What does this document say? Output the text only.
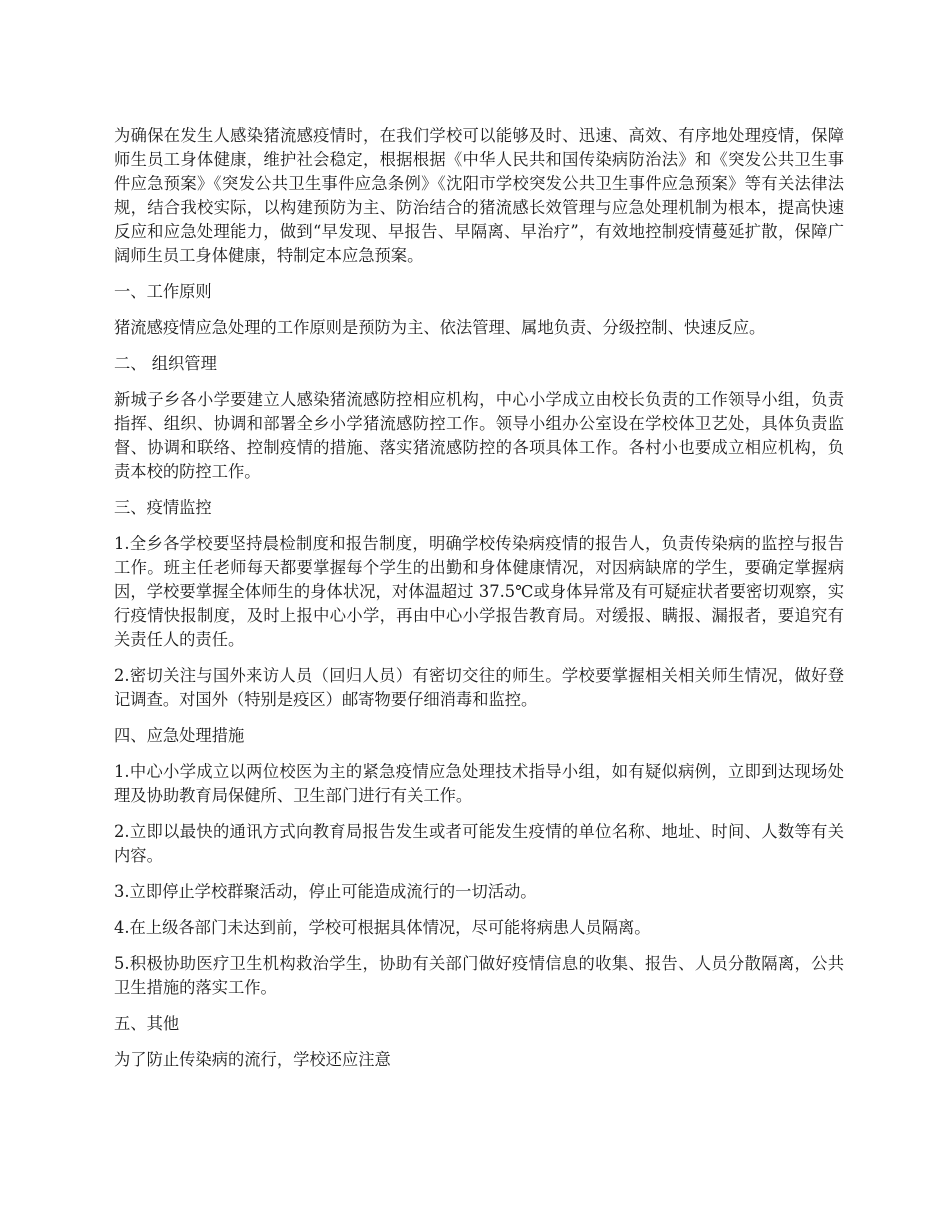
为确保在发生人感染猪流感疫情时，在我们学校可以能够及时、迅速、高效、有序地处理疫情，保障师生员工身体健康，维护社会稳定，根据根据《中华人民共和国传染病防治法》和《突发公共卫生事件应急预案》《突发公共卫生事件应急条例》《沈阳市学校突发公共卫生事件应急预案》等有关法律法规，结合我校实际，以构建预防为主、防治结合的猪流感长效管理与应急处理机制为根本，提高快速反应和应急处理能力，做到“早发现、早报告、早隔离、早治疗”，有效地控制疫情蔓延扩散，保障广阔师生员工身体健康，特制定本应急预案。

一、工作原则

猪流感疫情应急处理的工作原则是预防为主、依法管理、属地负责、分级控制、快速反应。

二、 组织管理

新城子乡各小学要建立人感染猪流感防控相应机构，中心小学成立由校长负责的工作领导小组，负责指挥、组织、协调和部署全乡小学猪流感防控工作。领导小组办公室设在学校体卫艺处，具体负责监督、协调和联络、控制疫情的措施、落实猪流感防控的各项具体工作。各村小也要成立相应机构，负责本校的防控工作。

三、疫情监控

1.全乡各学校要坚持晨检制度和报告制度，明确学校传染病疫情的报告人，负责传染病的监控与报告工作。班主任老师每天都要掌握每个学生的出勤和身体健康情况，对因病缺席的学生，要确定掌握病因，学校要掌握全体师生的身体状况，对体温超过 37.5℃或身体异常及有可疑症状者要密切观察，实行疫情快报制度，及时上报中心小学，再由中心小学报告教育局。对缓报、瞒报、漏报者，要追究有关责任人的责任。

2.密切关注与国外来访人员（回归人员）有密切交往的师生。学校要掌握相关相关师生情况，做好登记调查。对国外（特别是疫区）邮寄物要仔细消毒和监控。

四、应急处理措施

1.中心小学成立以两位校医为主的紧急疫情应急处理技术指导小组，如有疑似病例，立即到达现场处理及协助教育局保健所、卫生部门进行有关工作。

2.立即以最快的通讯方式向教育局报告发生或者可能发生疫情的单位名称、地址、时间、人数等有关内容。

3.立即停止学校群聚活动，停止可能造成流行的一切活动。

4.在上级各部门未达到前，学校可根据具体情况，尽可能将病患人员隔离。

5.积极协助医疗卫生机构救治学生，协助有关部门做好疫情信息的收集、报告、人员分散隔离，公共卫生措施的落实工作。

五、其他

为了防止传染病的流行，学校还应注意
